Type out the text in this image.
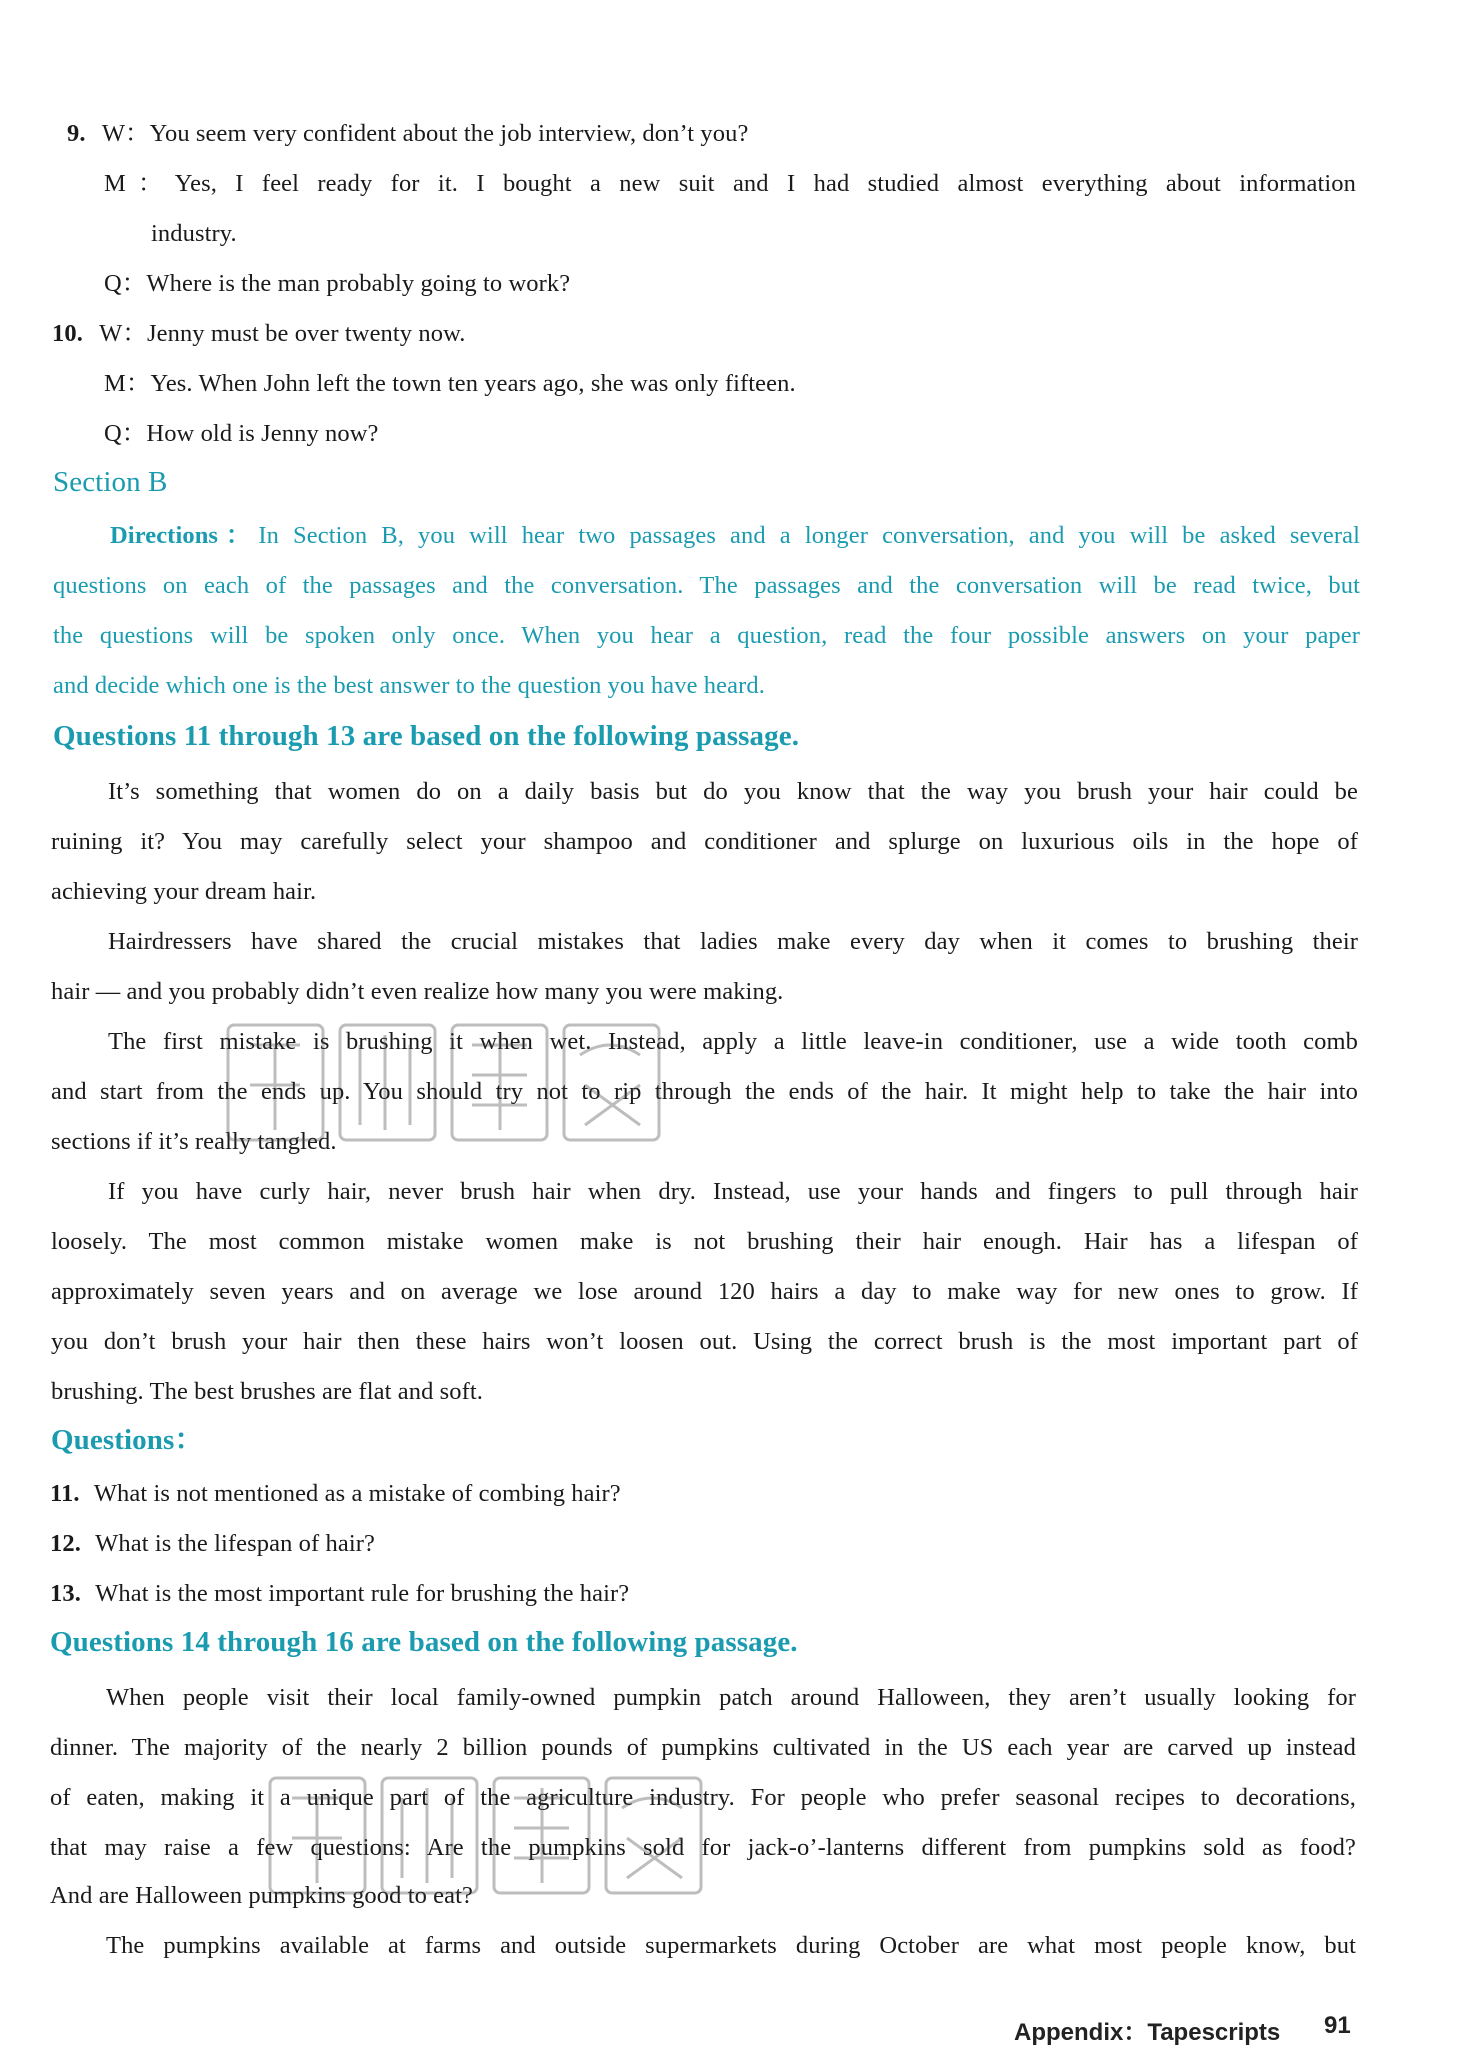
9. W：You seem very confident about the job interview, don’t you?
M：Yes, I feel ready for it. I bought a new suit and I had studied almost everything about information
industry.
Q：Where is the man probably going to work?
10. W：Jenny must be over twenty now.
M：Yes. When John left the town ten years ago, she was only fifteen.
Q：How old is Jenny now?
Section B
Directions：In Section B, you will hear two passages and a longer conversation, and you will be asked several
questions on each of the passages and the conversation. The passages and the conversation will be read twice, but
the questions will be spoken only once. When you hear a question, read the four possible answers on your paper
and decide which one is the best answer to the question you have heard.
Questions 11 through 13 are based on the following passage.
It’s something that women do on a daily basis but do you know that the way you brush your hair could be
ruining it? You may carefully select your shampoo and conditioner and splurge on luxurious oils in the hope of
achieving your dream hair.
Hairdressers have shared the crucial mistakes that ladies make every day when it comes to brushing their
hair — and you probably didn’t even realize how many you were making.
The first mistake is brushing it when wet. Instead, apply a little leave-in conditioner, use a wide tooth comb
and start from the ends up. You should try not to rip through the ends of the hair. It might help to take the hair into
sections if it’s really tangled.
If you have curly hair, never brush hair when dry. Instead, use your hands and fingers to pull through hair
loosely. The most common mistake women make is not brushing their hair enough. Hair has a lifespan of
approximately seven years and on average we lose around 120 hairs a day to make way for new ones to grow. If
you don’t brush your hair then these hairs won’t loosen out. Using the correct brush is the most important part of
brushing. The best brushes are flat and soft.
Questions：
11. What is not mentioned as a mistake of combing hair?
12. What is the lifespan of hair?
13. What is the most important rule for brushing the hair?
Questions 14 through 16 are based on the following passage.
When people visit their local family-owned pumpkin patch around Halloween, they aren’t usually looking for
dinner. The majority of the nearly 2 billion pounds of pumpkins cultivated in the US each year are carved up instead
of eaten, making it a unique part of the agriculture industry. For people who prefer seasonal recipes to decorations,
that may raise a few questions: Are the pumpkins sold for jack-o’-lanterns different from pumpkins sold as food?
And are Halloween pumpkins good to eat?
The pumpkins available at farms and outside supermarkets during October are what most people know, but
Appendix：Tapescripts 91
